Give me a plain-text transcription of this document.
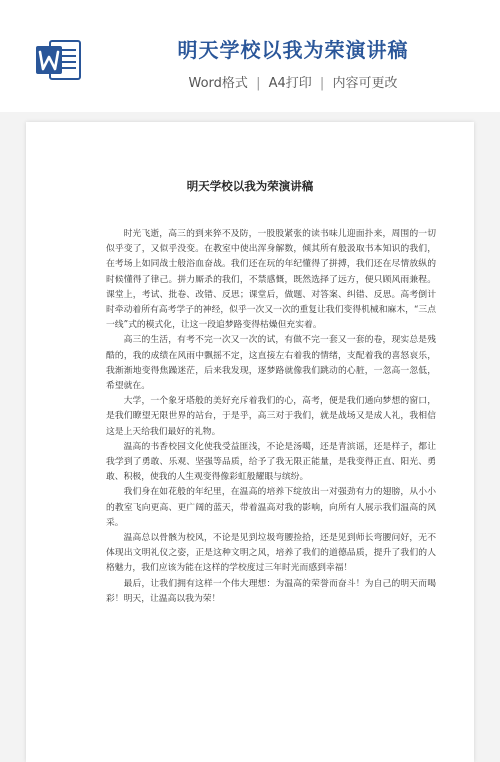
明天学校以我为荣演讲稿
Word格式 | A4打印 | 内容可更改
明天学校以我为荣演讲稿

时光飞逝，高三的到来猝不及防，一股股紧张的读书味儿迎面扑来，周围的一切似乎变了，又似乎没变。在教室中使出浑身解数，倾其所有般汲取书本知识的我们，在考场上如同战士般浴血奋战。我们还在玩的年纪懂得了拼搏，我们还在尽情放纵的时候懂得了律己。拼力厮杀的我们，不禁感慨，既然选择了远方，便只顾风雨兼程。课堂上，考试、批卷、改错、反思；课堂后，做题、对答案、纠错、反思。高考倒计时牵动着所有高考学子的神经，似乎一次又一次的重复让我们变得机械和麻木，“三点一线”式的模式化，让这一段追梦路变得枯燥但充实着。

高三的生活，有考不完一次又一次的试，有做不完一套又一套的卷，现实总是残酷的，我的成绩在风雨中飘摇不定，这直接左右着我的情绪，支配着我的喜怒哀乐，我渐渐地变得焦躁迷茫，后来我发现，逐梦路就像我们跳动的心脏，一忽高一忽低，希望就在。

大学，一个象牙塔般的美好充斥着我们的心，高考，便是我们通向梦想的窗口，是我们瞭望无限世界的站台，于是乎，高三对于我们，就是战场又是成人礼，我相信这是上天给我们最好的礼物。

温高的书香校园文化使我受益匪浅，不论是汤噶，还是青滨谣，还是样子，都让我学到了勇敢、乐观、坚强等品质，给予了我无限正能量，是我变得正直、阳光、勇敢、积极，使我的人生观变得像彩虹般耀眼与缤纷。

我们身在如花般的年纪里，在温高的培养下绽放出一对强劲有力的翅膀，从小小的教室飞向更高、更广阔的蓝天，带着温高对我的影响，向所有人展示我们温高的风采。

温高总以骨骸为校风，不论是见到垃圾弯腰捡拾，还是见到师长弯腰问好，无不体现出文明礼仪之姿，正是这种文明之风，培养了我们的道德品质，提升了我们的人格魅力，我们应该为能在这样的学校度过三年时光而感到幸福！

最后，让我们拥有这样一个伟大理想：为温高的荣誉而奋斗！为自己的明天而喝彩！明天，让温高以我为荣！
